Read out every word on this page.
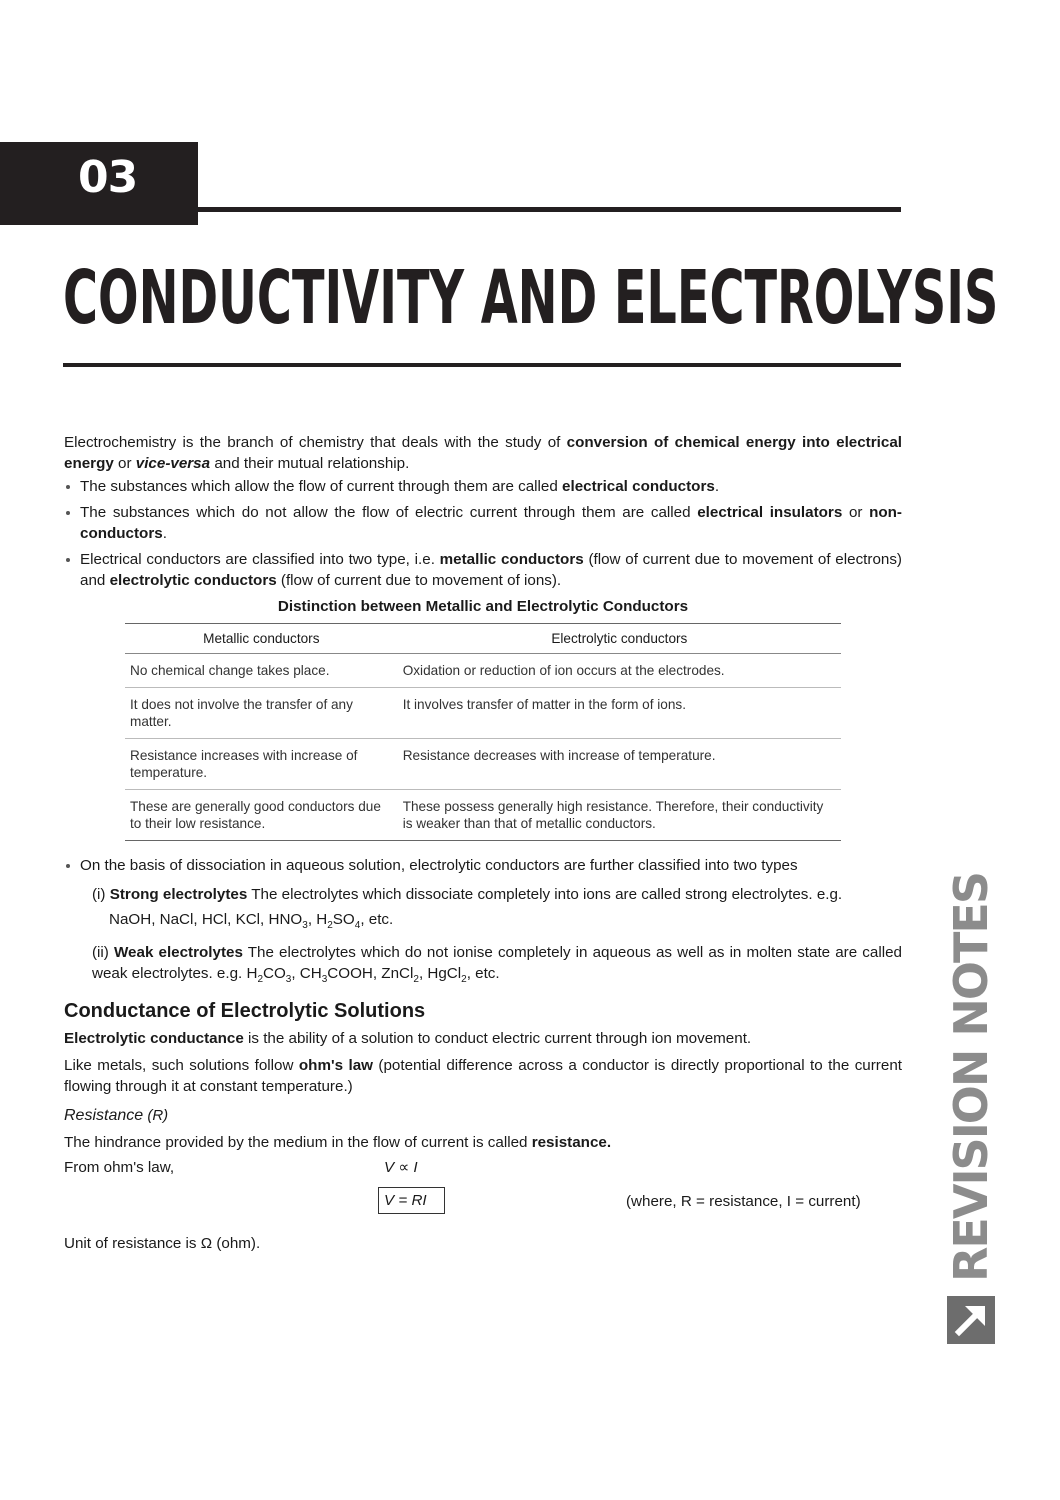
03
CONDUCTIVITY AND ELECTROLYSIS

Electrochemistry is the branch of chemistry that deals with the study of conversion of chemical energy into electrical energy or vice-versa and their mutual relationship.

The substances which allow the flow of current through them are called electrical conductors.
The substances which do not allow the flow of electric current through them are called electrical insulators or non-conductors.
Electrical conductors are classified into two type, i.e. metallic conductors (flow of current due to movement of electrons) and electrolytic conductors (flow of current due to movement of ions).
Distinction between Metallic and Electrolytic Conductors
Metallic conductors	Electrolytic conductors
No chemical change takes place.	Oxidation or reduction of ion occurs at the electrodes.
It does not involve the transfer of any matter.	It involves transfer of matter in the form of ions.
Resistance increases with increase of temperature.	Resistance decreases with increase of temperature.
These are generally good conductors due to their low resistance.	These possess generally high resistance. Therefore, their conductivity is weaker than that of metallic conductors.
On the basis of dissociation in aqueous solution, electrolytic conductors are further classified into two types
(i) Strong electrolytes The electrolytes which dissociate completely into ions are called strong electrolytes. e.g.
NaOH, NaCl, HCl, KCl, $HNO_3$, $H_2SO_4$, etc.
(ii) Weak electrolytes The electrolytes which do not ionise completely in aqueous as well as in molten state are called weak electrolytes. e.g. $H_2CO_3$, $CH_3COOH$, ZnCl$_2$, HgCl$_2$, etc.
Conductance of Electrolytic Solutions

Electrolytic conductance is the ability of a solution to conduct electric current through ion movement.

Like metals, such solutions follow ohm's law (potential difference across a conductor is directly proportional to the current flowing through it at constant temperature.)

Resistance (R)

The hindrance provided by the medium in the flow of current is called resistance.

From ohm's law,	V ∝ I
V = RI	(where, R = resistance, I = current)

Unit of resistance is Ω (ohm).	REVISION NOTES
